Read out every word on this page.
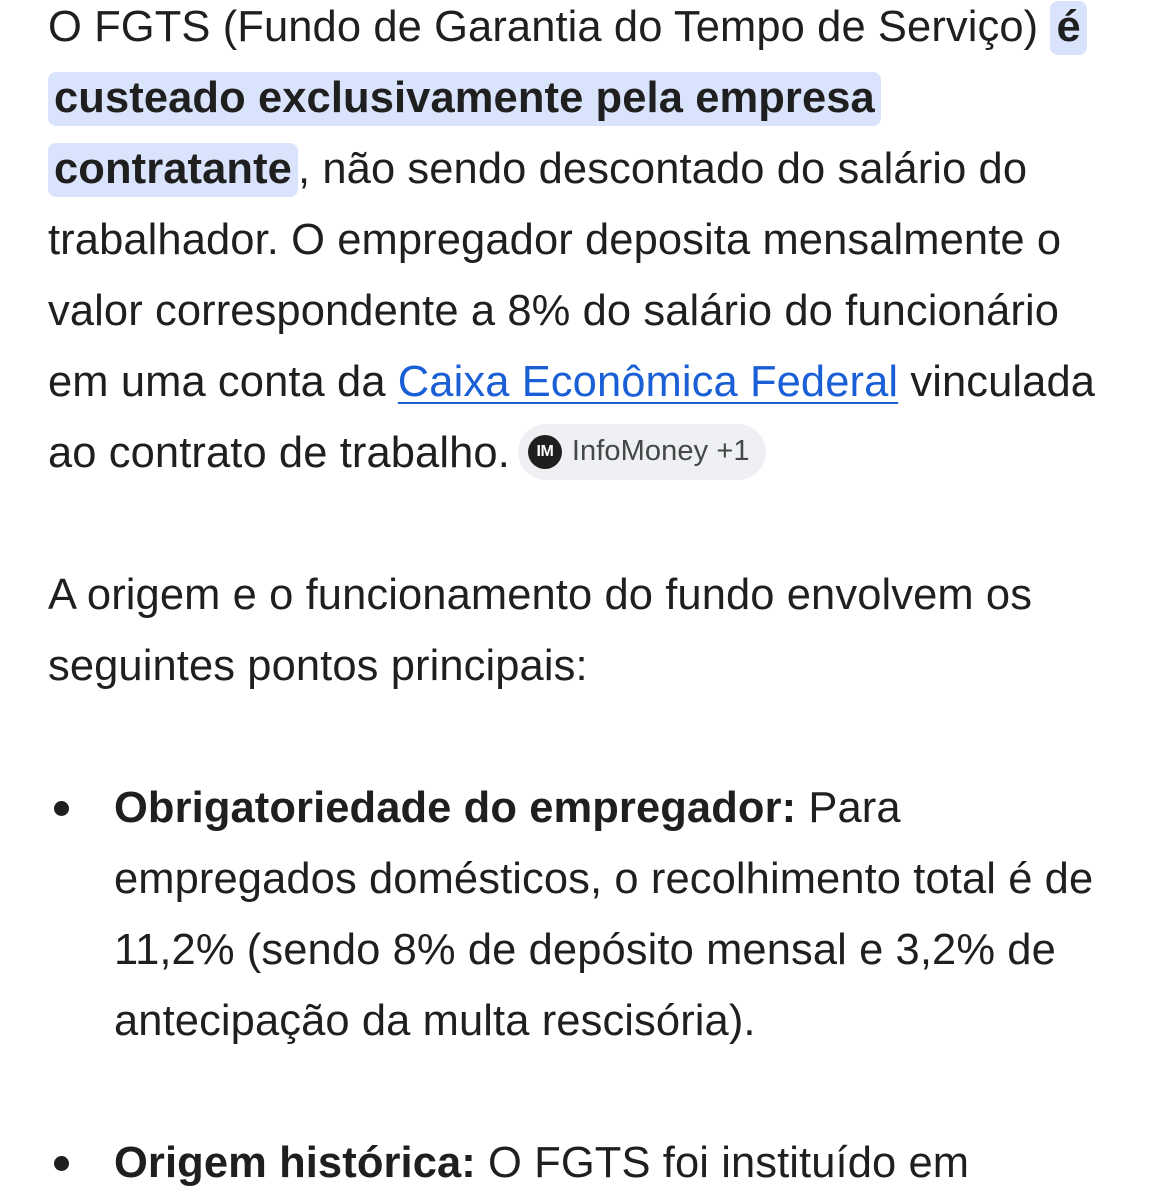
O FGTS (Fundo de Garantia do Tempo de Serviço) é custeado exclusivamente pela empresa contratante , não sendo descontado do salário do trabalhador. O empregador deposita mensalmente o valor correspondente a 8% do salário do funcionário em uma conta da Caixa Econômica Federal vinculada ao contrato de trabalho.	IM InfoMoney +1

A origem e o funcionamento do fundo envolvem os seguintes pontos principais:

Obrigatoriedade do empregador: Para empregados domésticos, o recolhimento total é de 11,2% (sendo 8% de depósito mensal e 3,2% de antecipação da multa rescisória).
Origem histórica: O FGTS foi instituído em
